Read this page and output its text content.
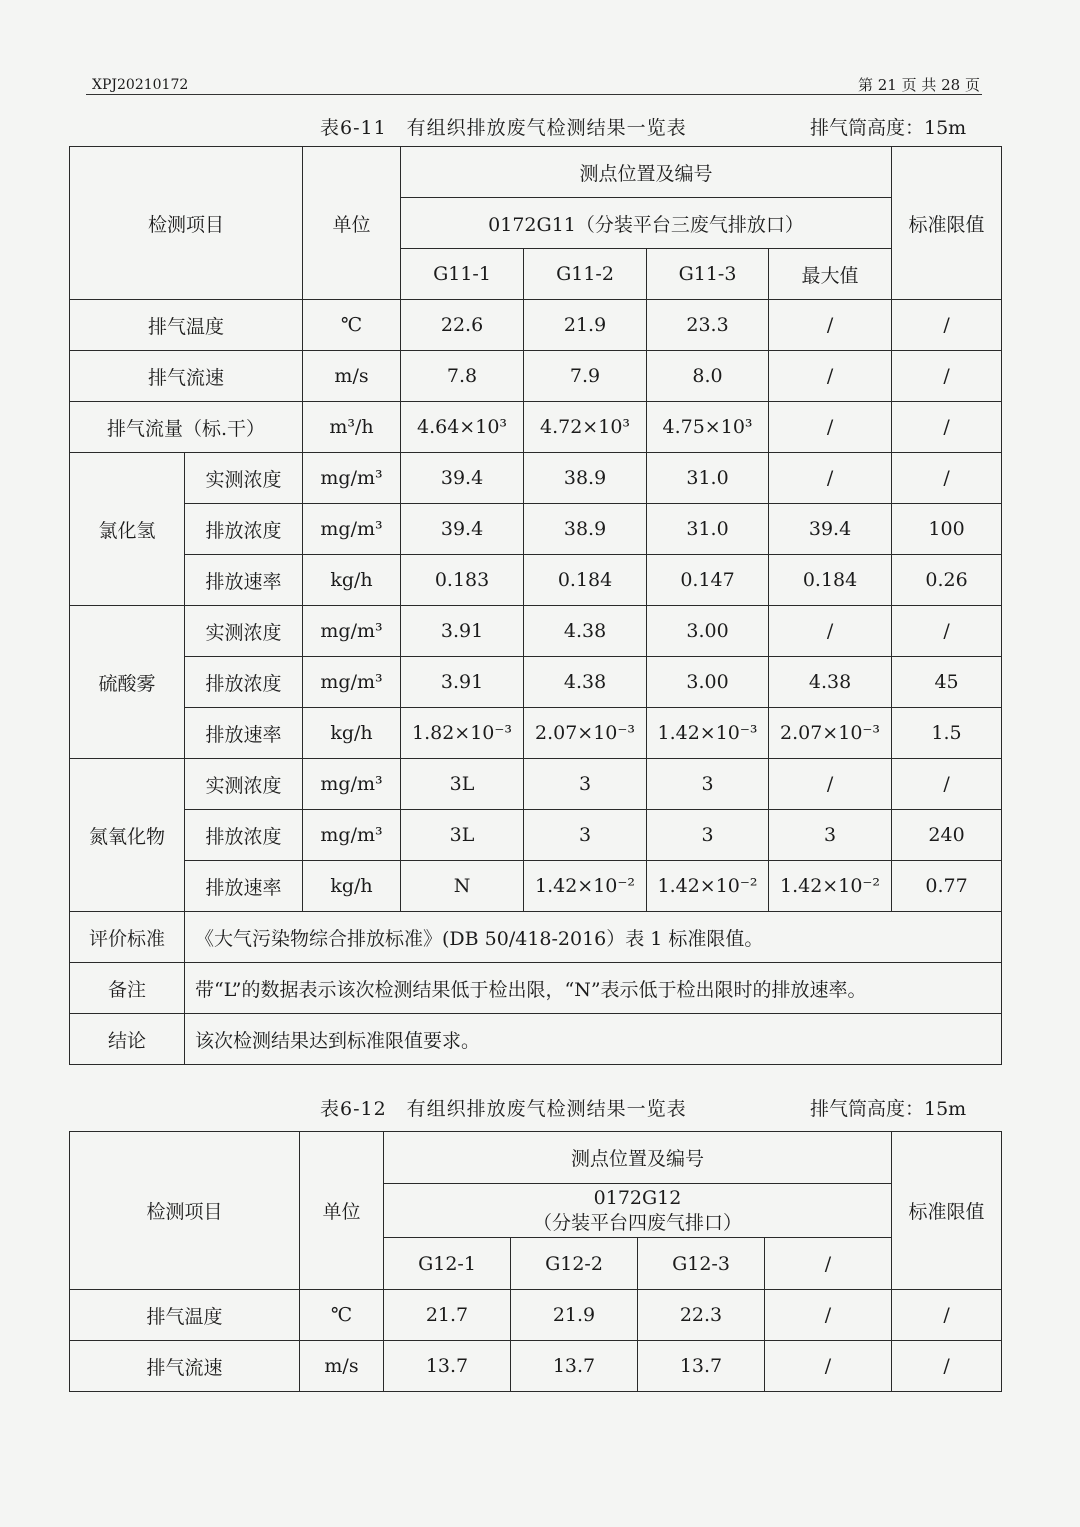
XPJ20210172	第 21 页 共 28 页
表6-11　有组织排放废气检测结果一览表	排气筒高度：15m
检测项目		单位	测点位置及编号				标准限值
			0172G11（分装平台三废气排放口）				
			G11-1	G11-2	G11-3	最大值	
排气温度		℃	22.6	21.9	23.3	/	/
排气流速		m/s	7.8	7.9	8.0	/	/
排气流量（标.干）		m³/h	4.64×10³	4.72×10³	4.75×10³	/	/
氯化氢	实测浓度	mg/m³	39.4	38.9	31.0	/	/
	排放浓度	mg/m³	39.4	38.9	31.0	39.4	100
	排放速率	kg/h	0.183	0.184	0.147	0.184	0.26
硫酸雾	实测浓度	mg/m³	3.91	4.38	3.00	/	/
	排放浓度	mg/m³	3.91	4.38	3.00	4.38	45
	排放速率	kg/h	1.82×10⁻³	2.07×10⁻³	1.42×10⁻³	2.07×10⁻³	1.5
氮氧化物	实测浓度	mg/m³	3L	3	3	/	/
	排放浓度	mg/m³	3L	3	3	3	240
	排放速率	kg/h	N	1.42×10⁻²	1.42×10⁻²	1.42×10⁻²	0.77
评价标准	《大气污染物综合排放标准》(DB 50/418-2016）表 1 标准限值。						
备注	带“L”的数据表示该次检测结果低于检出限，“N”表示低于检出限时的排放速率。						
结论	该次检测结果达到标准限值要求。						
表6-12　有组织排放废气检测结果一览表	排气筒高度：15m
检测项目	单位	测点位置及编号				标准限值

		0172G12
（分装平台四废气排口）				

		G12-1	G12-2	G12-3	/	
排气温度	℃	21.7	21.9	22.3	/	/
排气流速	m/s	13.7	13.7	13.7	/	/
